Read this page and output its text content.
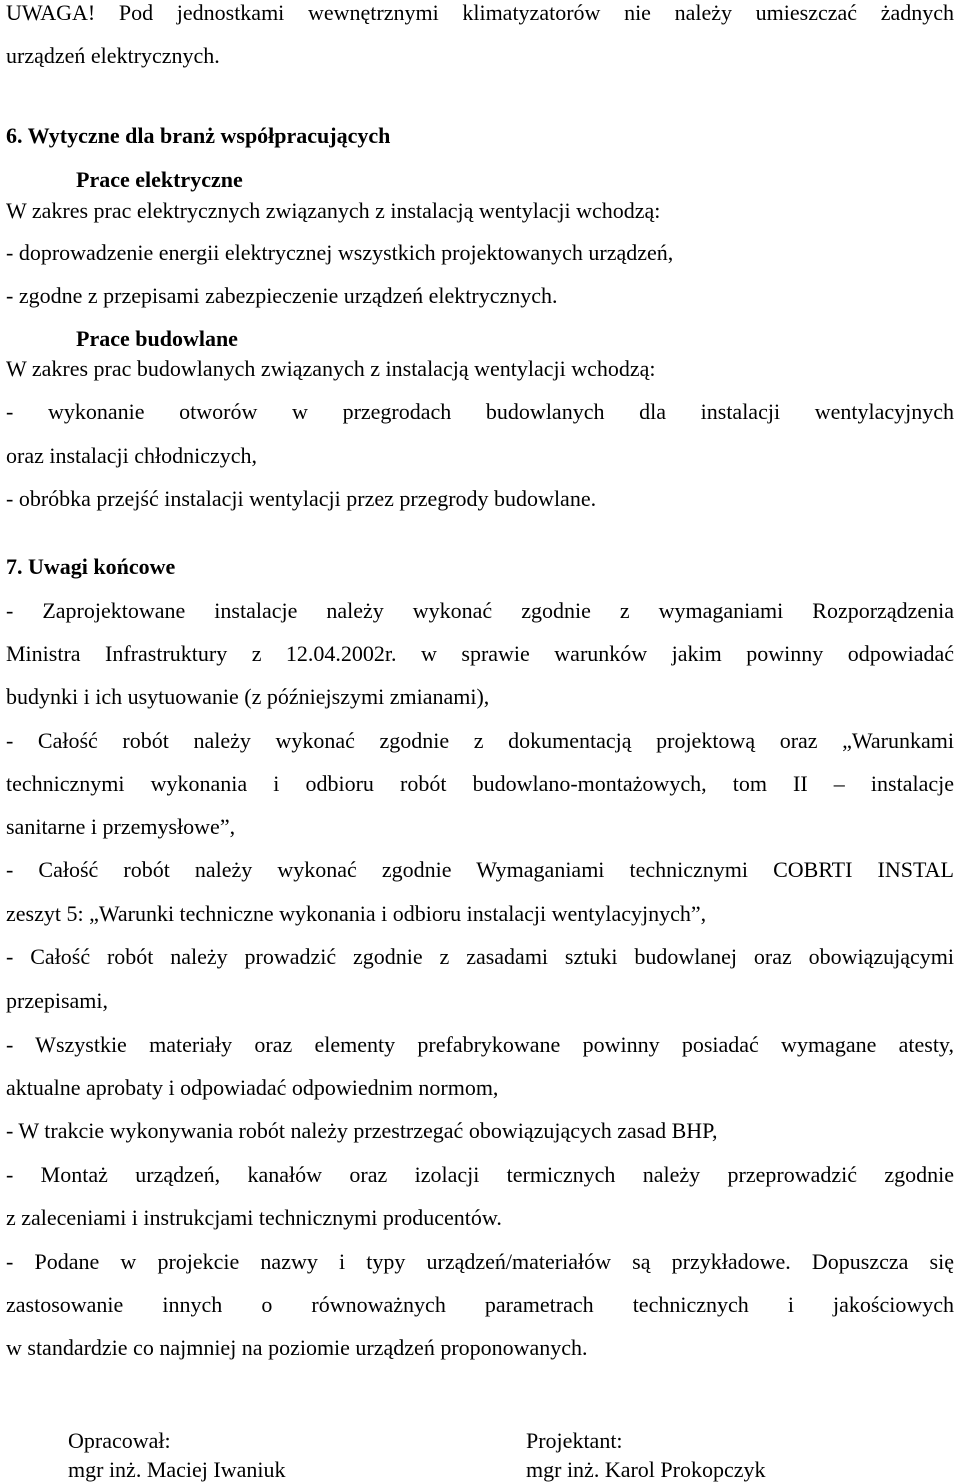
UWAGA! Pod jednostkami wewnętrznymi klimatyzatorów nie należy umieszczać żadnych
urządzeń elektrycznych.
6. Wytyczne dla branż współpracujących
Prace elektryczne
W zakres prac elektrycznych związanych z instalacją wentylacji wchodzą:
- doprowadzenie energii elektrycznej wszystkich projektowanych urządzeń,
- zgodne z przepisami zabezpieczenie urządzeń elektrycznych.
Prace budowlane
W zakres prac budowlanych związanych z instalacją wentylacji wchodzą:
- wykonanie otworów w przegrodach budowlanych dla instalacji wentylacyjnych
oraz instalacji chłodniczych,
- obróbka przejść instalacji wentylacji przez przegrody budowlane.
7. Uwagi końcowe
- Zaprojektowane instalacje należy wykonać zgodnie z wymaganiami Rozporządzenia
Ministra Infrastruktury z 12.04.2002r. w sprawie warunków jakim powinny odpowiadać
budynki i ich usytuowanie (z późniejszymi zmianami),
- Całość robót należy wykonać zgodnie z dokumentacją projektową oraz „Warunkami
technicznymi wykonania i odbioru robót budowlano-montażowych, tom II – instalacje
sanitarne i przemysłowe”,
- Całość robót należy wykonać zgodnie Wymaganiami technicznymi COBRTI INSTAL
zeszyt 5: „Warunki techniczne wykonania i odbioru instalacji wentylacyjnych”,
- Całość robót należy prowadzić zgodnie z zasadami sztuki budowlanej oraz obowiązującymi
przepisami,
- Wszystkie materiały oraz elementy prefabrykowane powinny posiadać wymagane atesty,
aktualne aprobaty i odpowiadać odpowiednim normom,
- W trakcie wykonywania robót należy przestrzegać obowiązujących zasad BHP,
- Montaż urządzeń, kanałów oraz izolacji termicznych należy przeprowadzić zgodnie
z zaleceniami i instrukcjami technicznymi producentów.
- Podane w projekcie nazwy i typy urządzeń/materiałów są przykładowe. Dopuszcza się
zastosowanie innych o równoważnych parametrach technicznych i jakościowych
w standardzie co najmniej na poziomie urządzeń proponowanych.
Opracował:
mgr inż. Maciej Iwaniuk
Projektant:
mgr inż. Karol Prokopczyk
